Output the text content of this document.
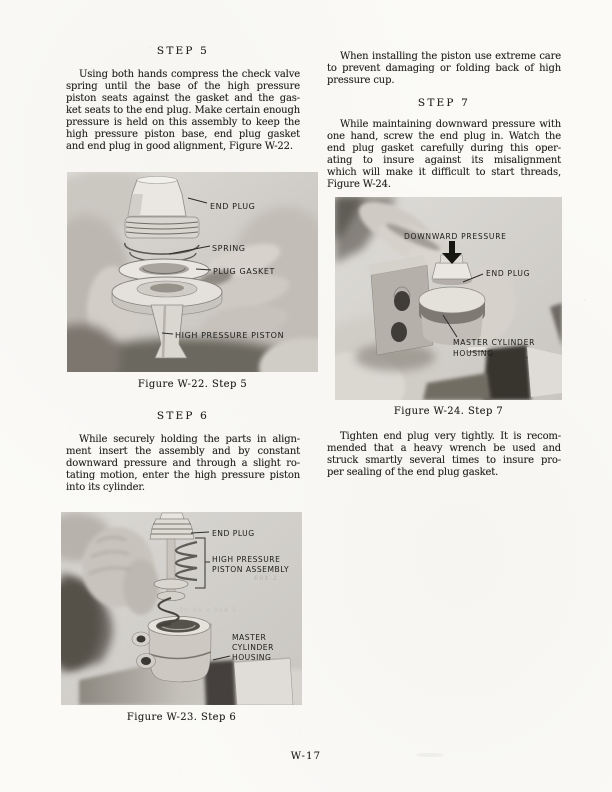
STEP 5
Using both hands compress the check valve
spring until the base of the high pressure
piston seats against the gasket and the gas-
ket seats to the end plug. Make certain enough
pressure is held on this assembly to keep the
high pressure piston base, end plug gasket
and end plug in good alignment, Figure W-22.
END PLUG
SPRING
PLUG GASKET
HIGH PRESSURE PISTON
Figure W-22. Step 5
STEP 6
While securely holding the parts in align-
ment insert the assembly and by constant
downward pressure and through a slight ro-
tating motion, enter the high pressure piston
into its cylinder.
END PLUG
HIGH PRESSURE
PISTON ASSEMBLY
MASTER
CYLINDER
HOUSING
69X-2
30 4a x 30A 5
Figure W-23. Step 6
When installing the piston use extreme care
to prevent damaging or folding back of high
pressure cup.
STEP 7
While maintaining downward pressure with
one hand, screw the end plug in. Watch the
end plug gasket carefully during this oper-
ating to insure against its misalignment
which will make it difficult to start threads,
Figure W-24.
DOWNWARD PRESSURE
END PLUG
MASTER CYLINDER
HOUSING
Figure W-24. Step 7
Tighten end plug very tightly. It is recom-
mended that a heavy wrench be used and
struck smartly several times to insure pro-
per sealing of the end plug gasket.
W-17
